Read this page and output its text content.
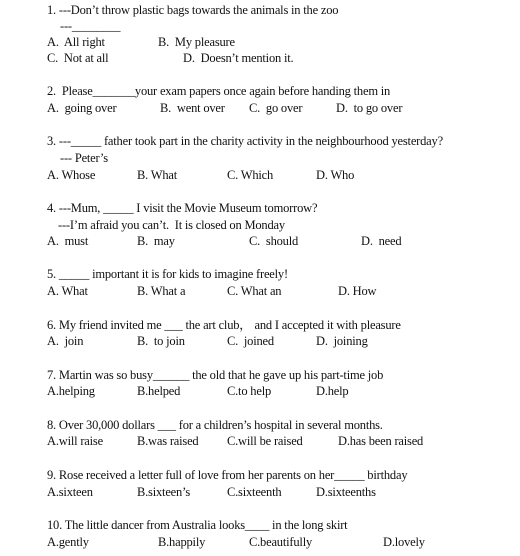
1. ---Don’t throw plastic bags towards the animals in the zoo
---________
A.  All right	B.  My pleasure
C.  Not at all	D.  Doesn’t mention it.
2.  Please_______your exam papers once again before handing them in
A.  going over	B.  went over C.  go over	D.  to go over
3. ---_____ father took part in the charity activity in the neighbourhood yesterday?
--- Peter’s
A. Whose	B. What	C. Which	D. Who
4. ---Mum, _____ I visit the Movie Museum tomorrow?
---I’m afraid you can’t.  It is closed on Monday
A.  must	B.  may	C.  should	D.  need
5. _____ important it is for kids to imagine freely!
A. What	B. What a	C. What an	D. How
6. My friend invited me ___ the art club， and I accepted it with pleasure
A.  join	B.  to join	C.  joined	D.  joining
7. Martin was so busy______ the old that he gave up his part-time job
A.helping	B.helped	C.to help	D.help
8. Over 30,000 dollars ___ for a children’s hospital in several months.
A.will raise	B.was raised C.will be raised	D.has been raised
9. Rose received a letter full of love from her parents on her_____ birthday
A.sixteen	B.sixteen’s	C.sixteenth	D.sixteenths
10. The little dancer from Australia looks____ in the long skirt
A.gently	B.happily	C.beautifully	D.lovely
